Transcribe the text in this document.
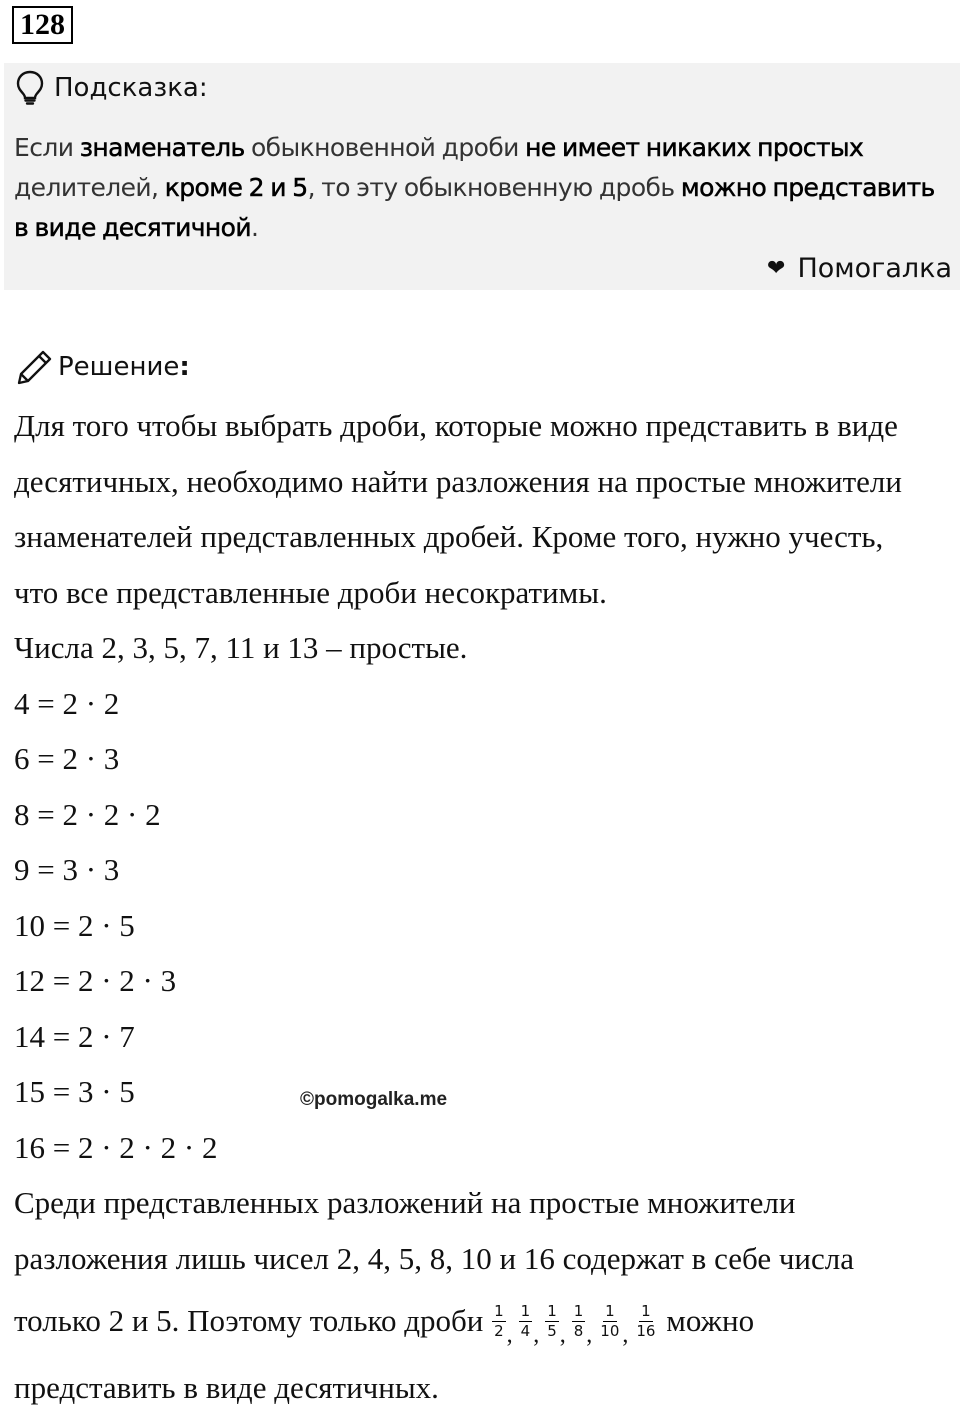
128
Подсказка:
Если знаменатель обыкновенной дроби не имеет никаких простых делителей, кроме 2 и 5, то эту обыкновенную дробь можно представить в виде десятичной.
❤ Помогалка
Решение :
Для того чтобы выбрать дроби, которые можно представить в виде
десятичных, необходимо найти разложения на простые множители
знаменателей представленных дробей. Кроме того, нужно учесть,
что все представленные дроби несократимы.
Числа 2, 3, 5, 7, 11 и 13 – простые.
4 = 2 · 2
6 = 2 · 3
8 = 2 · 2 · 2
9 = 3 · 3
10 = 2 · 5
12 = 2 · 2 · 3
14 = 2 · 7
15 = 3 · 5
16 = 2 · 2 · 2 · 2
Среди представленных разложений на простые множители
разложения лишь чисел 2, 4, 5, 8, 10 и 16 содержат в себе числа
©pomogalka.me
только 2 и 5. Поэтому только дроби $\frac{1}{2}$ , $\frac{1}{4}$ , $\frac{1}{5}$ , $\frac{1}{8}$ , $\frac{1}{10}$ , $\frac{1}{16}$ можно
представить в виде десятичных.
